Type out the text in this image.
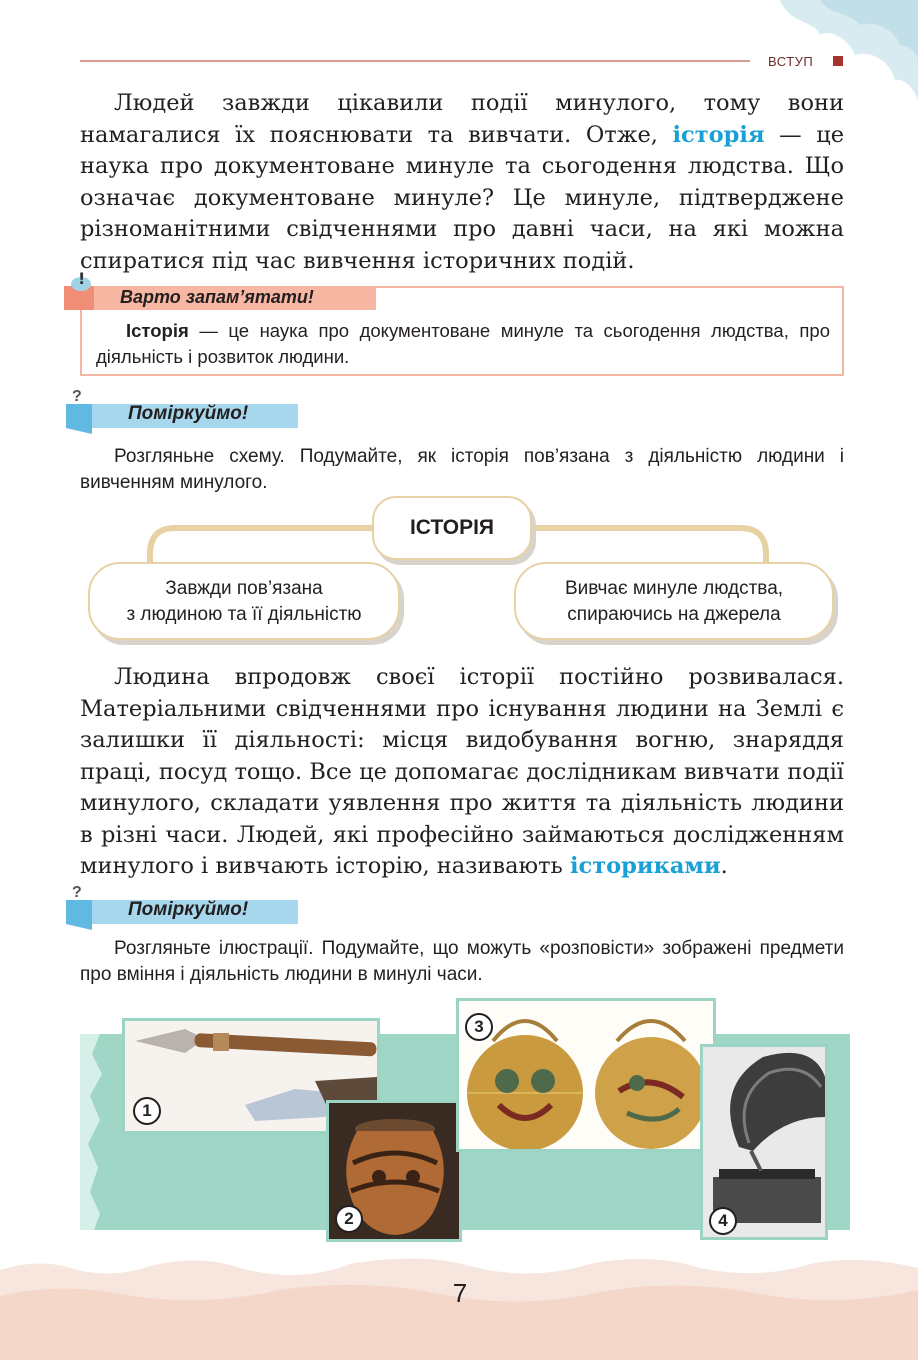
ВСТУП

Людей завжди цікавили події минулого, тому вони намагалися їх пояснювати та вивчати. Отже, історія — це наука про документоване минуле та сьогодення людства. Що означає документоване минуле? Це минуле, підтверджене різноманітними свідченнями про давні часи, на які можна спиратися під час вивчення історичних подій.

!
Варто запам’ятати!
Історія — це наука про документоване минуле та сьогодення людства, про діяльність і розвиток людини.
?
Поміркуймо!

Розгляньне схему. Подумайте, як історія пов’язана з діяльністю людини і вивченням минулого.

ІСТОРІЯ
Завжди пов’язана
з людиною та її діяльністю
Вивчає минуле людства,
спираючись на джерела

Людина впродовж своєї історії постійно розвивалася. Матеріальними свідченнями про існування людини на Землі є залишки її діяльності: місця видобування вогню, знаряддя праці, посуд тощо. Все це допомагає дослідникам вивчати події минулого, складати уявлення про життя та діяльність людини в різні часи. Людей, які професійно займаються дослідженням минулого і вивчають історію, називають істориками.

?
Поміркуймо!

Розгляньте ілюстрації. Подумайте, що можуть «розповісти» зображені предмети про вміння і діяльність людини в минулі часи.

1
2
3
4
7
